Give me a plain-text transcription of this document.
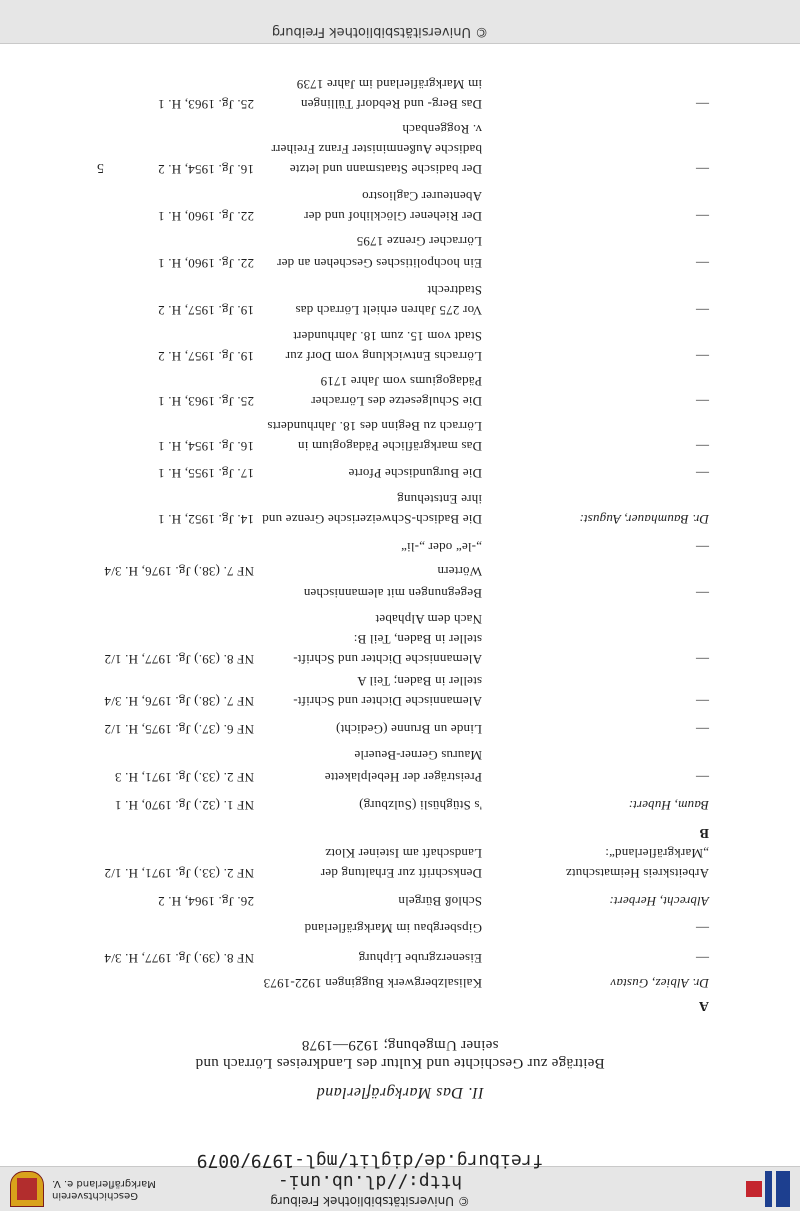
© Universitätsbibliothek Freiburg
http://dl.ub.uni-freiburg.de/diglit/mgl-1979/0079
Geschichtsverein
Markgräflerland e. V.
II. Das Markgräflerland
Beiträge zur Geschichte und Kultur des Landkreises Lörrach und
seiner Umgebung; 1929—1978
A
B
Dr. Albiez, Gustav
Kalisalzbergwerk Buggingen 1922-1973
—
Eisenerzgrube Liphurg
NF 8. (39.) Jg. 1977, H. 3/4
—
Gipsbergbau im Markgräflerland
Albrecht, Herbert:
Schloß Bürgeln
26. Jg. 1964, H. 2
Arbeitskreis Heimatschutz
Denkschrift zur Erhaltung der
NF 2. (33.) Jg. 1971, H. 1/2
„Markgräflerland“:
Landschaft am Isteiner Klotz
Baum, Hubert:
's Stüghüsli (Sulzburg)
NF 1. (32.) Jg. 1970, H. 1
—
Preisträger der Hebelplakette
NF 2. (33.) Jg. 1971, H. 3
Maurus Gerner-Beuerle
—
Linde un Brunne (Gedicht)
NF 6. (37.) Jg. 1975, H. 1/2
—
Alemannische Dichter und Schrift-
NF 7. (38.) Jg. 1976, H. 3/4
steller in Baden; Teil A
—
Alemannische Dichter und Schrift-
NF 8. (39.) Jg. 1977, H. 1/2
steller in Baden, Teil B:
Nach dem Alphabet
—
Begegnungen mit alemannischen
Wörtern
NF 7. (38.) Jg. 1976, H. 3/4
—
„-le“ oder „-li“
Dr. Baumhauer, August:
Die Badisch-Schweizerische Grenze und
14. Jg. 1952, H. 1
ihre Entstehung
—
Die Burgundische Pforte
17. Jg. 1955, H. 1
—
Das markgräfliche Pädagogium in
16. Jg. 1954, H. 1
Lörrach zu Beginn des 18. Jahrhunderts
—
Die Schulgesetze des Lörracher
25. Jg. 1963, H. 1
Pädagogiums vom Jahre 1719
—
Lörrachs Entwicklung vom Dorf zur
19. Jg. 1957, H. 2
Stadt vom 15. zum 18. Jahrhundert
—
Vor 275 Jahren erhielt Lörrach das
19. Jg. 1957, H. 2
Stadtrecht
—
Ein hochpolitisches Geschehen an der
22. Jg. 1960, H. 1
Lörracher Grenze 1795
—
Der Riehener Glöcklihof und der
22. Jg. 1960, H. 1
Abenteurer Cagliostro
—
Der badische Staatsmann und letzte
16. Jg. 1954, H. 2
badische Außenminister Franz Freiherr
v. Roggenbach
—
Das Berg- und Rebdorf Tüllingen
25. Jg. 1963, H. 1
im Markgräflerland im Jahre 1739
5
© Universitätsbibliothek Freiburg
